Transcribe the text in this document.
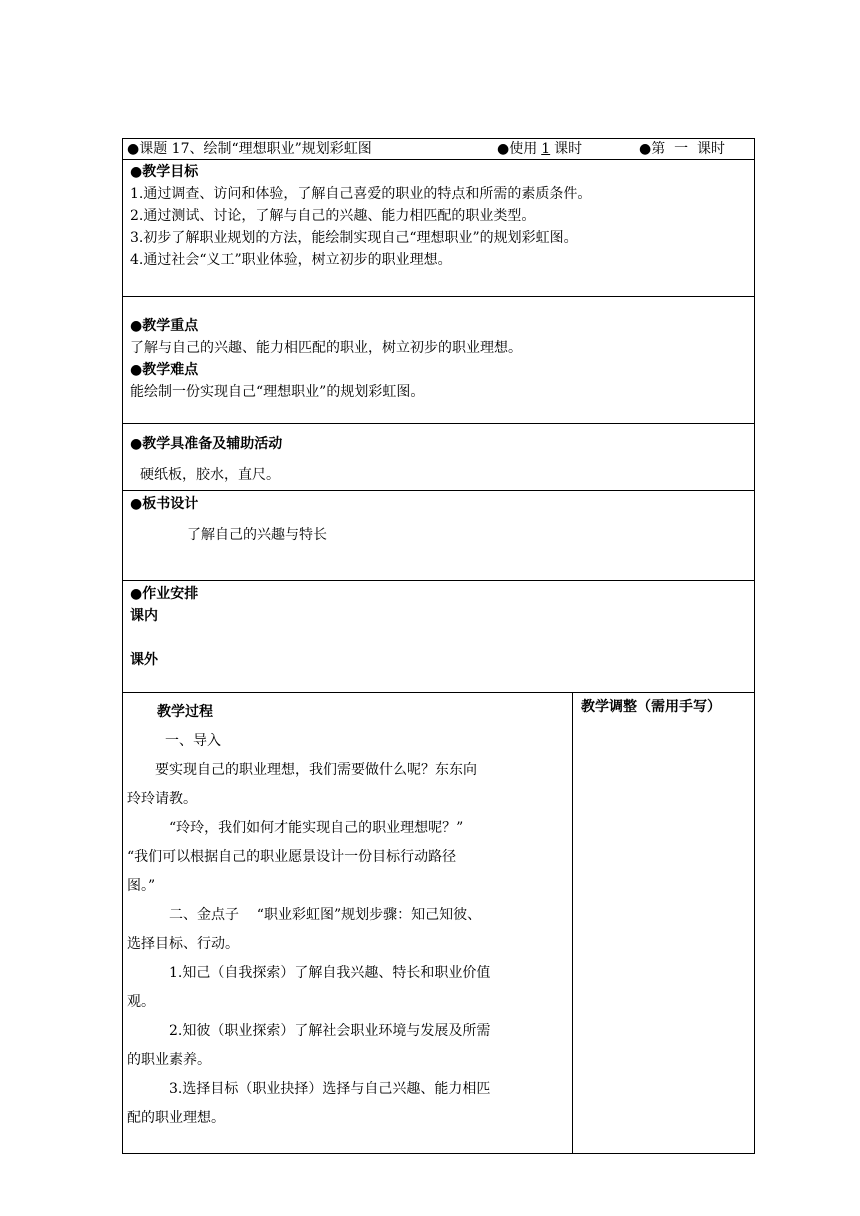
●课题 17、绘制“理想职业”规划彩虹图	●使用 1 课时	●第  一  课时
●教学目标
1.通过调查、访问和体验，了解自己喜爱的职业的特点和所需的素质条件。
2.通过测试、讨论，了解与自己的兴趣、能力相匹配的职业类型。
3.初步了解职业规划的方法，能绘制实现自己“理想职业”的规划彩虹图。
4.通过社会“义工”职业体验，树立初步的职业理想。
●教学重点
了解与自己的兴趣、能力相匹配的职业，树立初步的职业理想。
●教学难点
能绘制一份实现自己“理想职业”的规划彩虹图。
●教学具准备及辅助活动
硬纸板，胶水，直尺。
●板书设计
了解自己的兴趣与特长
●作业安排
课内
课外
教学过程
一、导入
要实现自己的职业理想，我们需要做什么呢？东东向
玲玲请教。
“玲玲，我们如何才能实现自己的职业理想呢？”
“我们可以根据自己的职业愿景设计一份目标行动路径
图。”
二、金点子    “职业彩虹图”规划步骤：知己知彼、
选择目标、行动。
1.知己（自我探索）了解自我兴趣、特长和职业价值
观。
2.知彼（职业探索）了解社会职业环境与发展及所需
的职业素养。
3.选择目标（职业抉择）选择与自己兴趣、能力相匹
配的职业理想。
教学调整（需用手写）
